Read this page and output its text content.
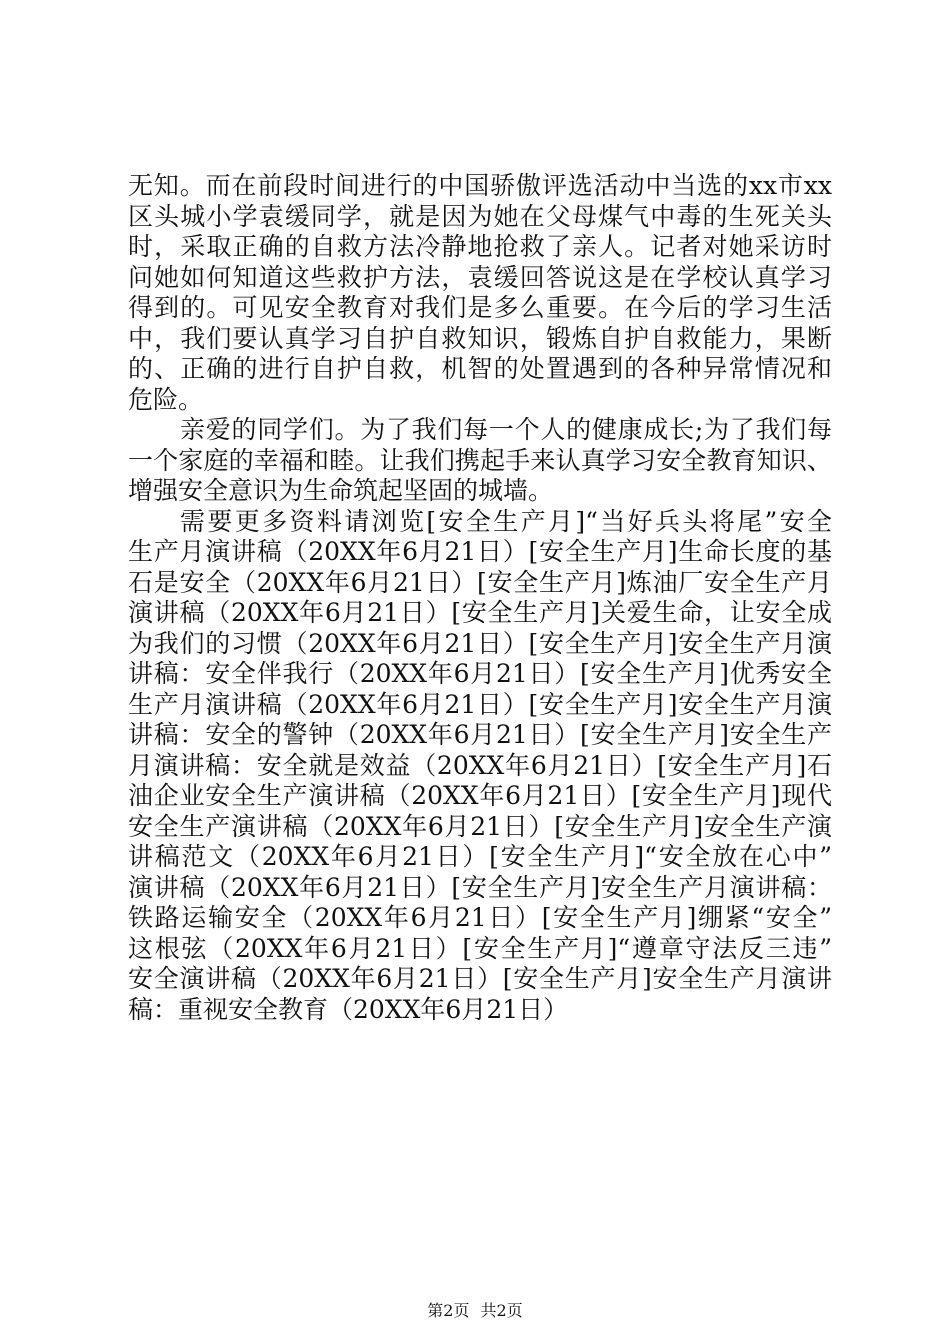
无知。而在前段时间进行的中国骄傲评选活动中当选的xx市xx
区头城小学袁缓同学，就是因为她在父母煤气中毒的生死关头
时，采取正确的自救方法冷静地抢救了亲人。记者对她采访时
问她如何知道这些救护方法，袁缓回答说这是在学校认真学习
得到的。可见安全教育对我们是多么重要。在今后的学习生活
中，我们要认真学习自护自救知识，锻炼自护自救能力，果断
的、正确的进行自护自救，机智的处置遇到的各种异常情况和
危险。
亲爱的同学们。为了我们每一个人的健康成长;为了我们每
一个家庭的幸福和睦。让我们携起手来认真学习安全教育知识、
增强安全意识为生命筑起坚固的城墙。
需要更多资料请浏览[安全生产月]“当好兵头将尾”安全
生产月演讲稿（20XX年6月21日）[安全生产月]生命长度的基
石是安全（20XX年6月21日）[安全生产月]炼油厂安全生产月
演讲稿（20XX年6月21日）[安全生产月]关爱生命，让安全成
为我们的习惯（20XX年6月21日）[安全生产月]安全生产月演
讲稿：安全伴我行（20XX年6月21日）[安全生产月]优秀安全
生产月演讲稿（20XX年6月21日）[安全生产月]安全生产月演
讲稿：安全的警钟（20XX年6月21日）[安全生产月]安全生产
月演讲稿：安全就是效益（20XX年6月21日）[安全生产月]石
油企业安全生产演讲稿（20XX年6月21日）[安全生产月]现代
安全生产演讲稿（20XX年6月21日）[安全生产月]安全生产演
讲稿范文（20XX年6月21日）[安全生产月]“安全放在心中”
演讲稿（20XX年6月21日）[安全生产月]安全生产月演讲稿：
铁路运输安全（20XX年6月21日）[安全生产月]绷紧“安全”
这根弦（20XX年6月21日）[安全生产月]“遵章守法反三违”
安全演讲稿（20XX年6月21日）[安全生产月]安全生产月演讲
稿：重视安全教育（20XX年6月21日）
第2页 共2页
